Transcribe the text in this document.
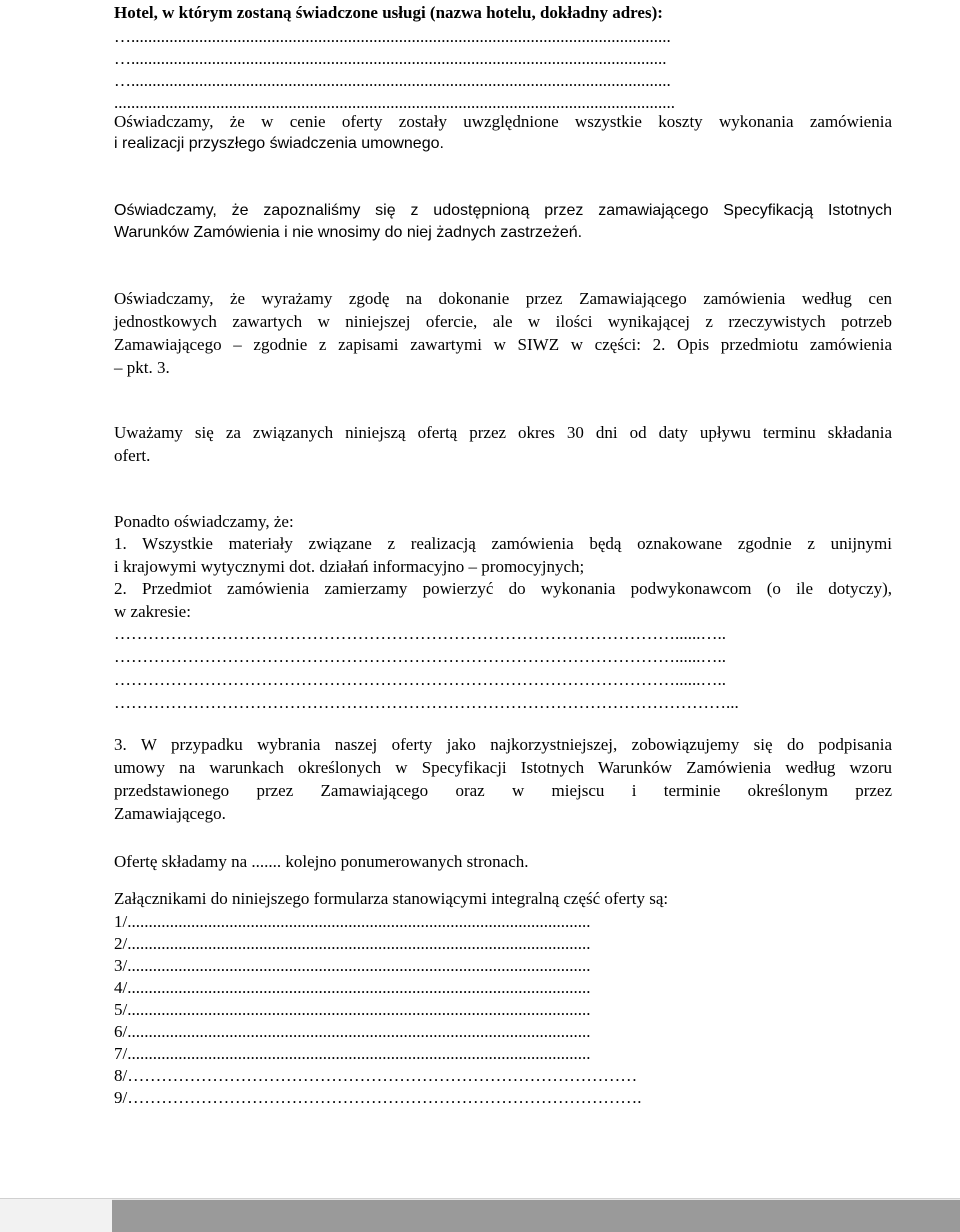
Hotel, w którym zostaną świadczone usługi (nazwa hotelu, dokładny adres):
…...............................................................................................................................
…..............................................................................................................................
…...............................................................................................................................
....................................................................................................................................
Oświadczamy, że w cenie oferty zostały uwzględnione wszystkie koszty wykonania zamówienia
i realizacji przyszłego świadczenia umownego.
Oświadczamy, że zapoznaliśmy się z udostępnioną przez zamawiającego Specyfikacją Istotnych
Warunków Zamówienia i nie wnosimy do niej żadnych zastrzeżeń.
Oświadczamy, że wyrażamy zgodę na dokonanie przez Zamawiającego zamówienia według cen
jednostkowych zawartych w niniejszej ofercie, ale w ilości wynikającej z rzeczywistych potrzeb
Zamawiającego – zgodnie z zapisami zawartymi w SIWZ w części: 2. Opis przedmiotu zamówienia
– pkt. 3.
Uważamy się za związanych niniejszą ofertą przez okres 30 dni od daty upływu terminu składania
ofert.
Ponadto oświadczamy, że:
1. Wszystkie materiały związane z realizacją zamówienia będą oznakowane zgodnie z unijnymi
i krajowymi wytycznymi dot. działań informacyjno – promocyjnych;
2. Przedmiot zamówienia zamierzamy powierzyć do wykonania podwykonawcom (o ile dotyczy),
w zakresie:
………………………………………………………………………………………......…..
………………………………………………………………………………………......…..
………………………………………………………………………………………......…..
………………………………………………………………………………………………...
3. W przypadku wybrania naszej oferty jako najkorzystniejszej, zobowiązujemy się do podpisania
umowy na warunkach określonych w Specyfikacji Istotnych Warunków Zamówienia według wzoru
przedstawionego przez Zamawiającego oraz w miejscu i terminie określonym przez
Zamawiającego.
Ofertę składamy na ....... kolejno ponumerowanych stronach.
Załącznikami do niniejszego formularza stanowiącymi integralną część oferty są:
1/.............................................................................................................
2/.............................................................................................................
3/.............................................................................................................
4/.............................................................................................................
5/.............................................................................................................
6/.............................................................................................................
7/.............................................................................................................
8/………………………………………………………………………………
9/……………………………………………………………………………….
